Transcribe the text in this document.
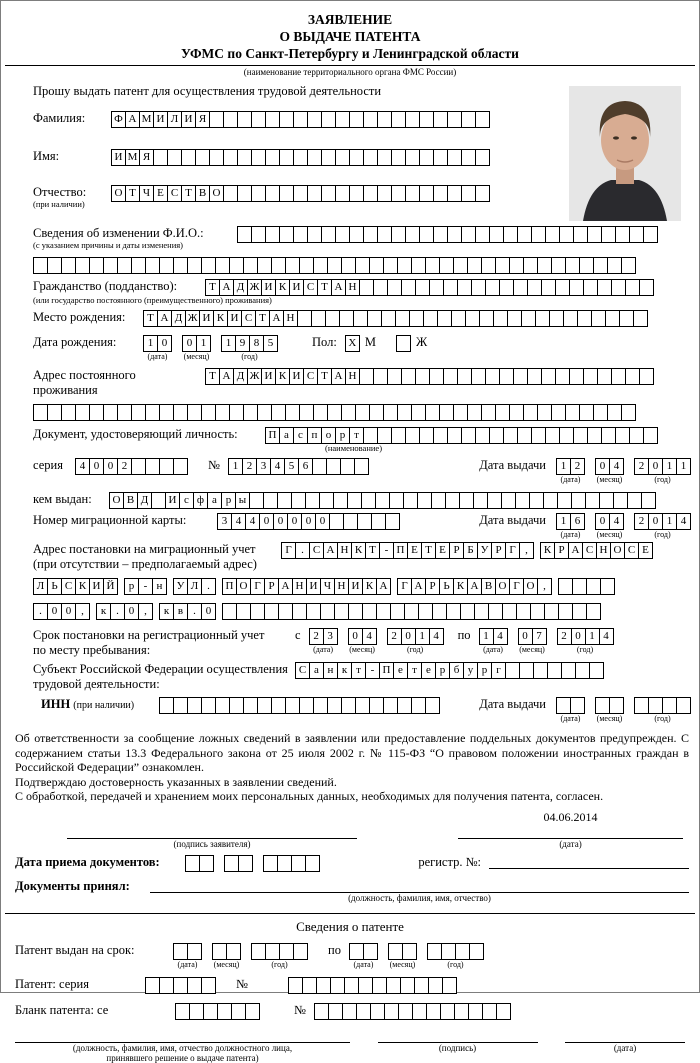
ЗАЯВЛЕНИЕ
О ВЫДАЧЕ ПАТЕНТА
УФМС по Санкт-Петербургу и Ленинградской области
(наименование территориального органа ФМС России)
Прошу выдать патент для осуществления трудовой деятельности
Фамилия:	Ф А М И Л И Я
Имя:	И М Я
Отчество:
(при наличии)
О Т Ч Е С Т В О
Сведения об изменении Ф.И.О.:
(с указанием причины и даты изменения)
Гражданство (подданство):	Т А Д Ж И К И С Т А Н
(или государство постоянного (преимущественного) проживания)
Место рождения:	Т А Д Ж И К И С Т А Н
Дата рождения:	1 0
(дата)
0 1
(месяц)
1 9 8 5
(год)
Пол:	Х М	Ж
Адрес постоянного
проживания
Т А Д Ж И К И С Т А Н
Документ, удостоверяющий личность:	П а с п о р т
(наименование)
серия	4 0 0 2	№	1 2 3 4 5 6	Дата выдачи	1 2
(дата)
0 4
(месяц)
2 0 1 1
(год)
кем выдан:	О В Д	И с ф а р ы
Номер миграционной карты:	3 4 4 0 0 0 0 0	Дата выдачи	1 6
(дата)
0 4
(месяц)
2 0 1 4
(год)
Адрес постановки на миграционный учет
(при отсутствии – предполагаемый адрес)
Г . С А Н К Т - П Е Т Е Р Б У Р Г ,	К Р А С Н О С Е
Л Ь С К И Й	р - н	У Л .	П О Г Р А Н И Ч Н И К А	Г А Р Ь К А В О Г О ,
. 0 0 ,	к . 0 ,	к в . 0
Срок постановки на регистрационный учет
по месту пребывания:
с	2 3
(дата)
0 4
(месяц)
2 0 1 4
(год)
по	1 4
(дата)
0 7
(месяц)
2 0 1 4
(год)
Субъект Российской Федерации осуществления
трудовой деятельности:
С а н к т - П е т е р б у р г
ИНН (при наличии)	Дата выдачи
(дата) (месяц)	(год)
Об ответственности за сообщение ложных сведений в заявлении или предоставление поддельных документов предупрежден. С содержанием статьи 13.3 Федерального закона от 25 июля 2002 г. № 115-ФЗ “О правовом положении иностранных граждан в Российской Федерации” ознакомлен.
Подтверждаю достоверность указанных в заявлении сведений.
С обработкой, передачей и хранением моих персональных данных, необходимых для получения патента, согласен.

(подпись заявителя)
04.06.2014
(дата)
Дата приема документов:	регистр. №:
Документы принял:
(должность, фамилия, имя, отчество)
Сведения о патенте
Патент выдан на срок:
(дата) (месяц)	(год)
по
(дата) (месяц)	(год)
Патент: серия	№
Бланк патента: се	№
(должность, фамилия, имя, отчество должностного лица,
принявшего решение о выдаче патента)
(подпись)	(дата)
